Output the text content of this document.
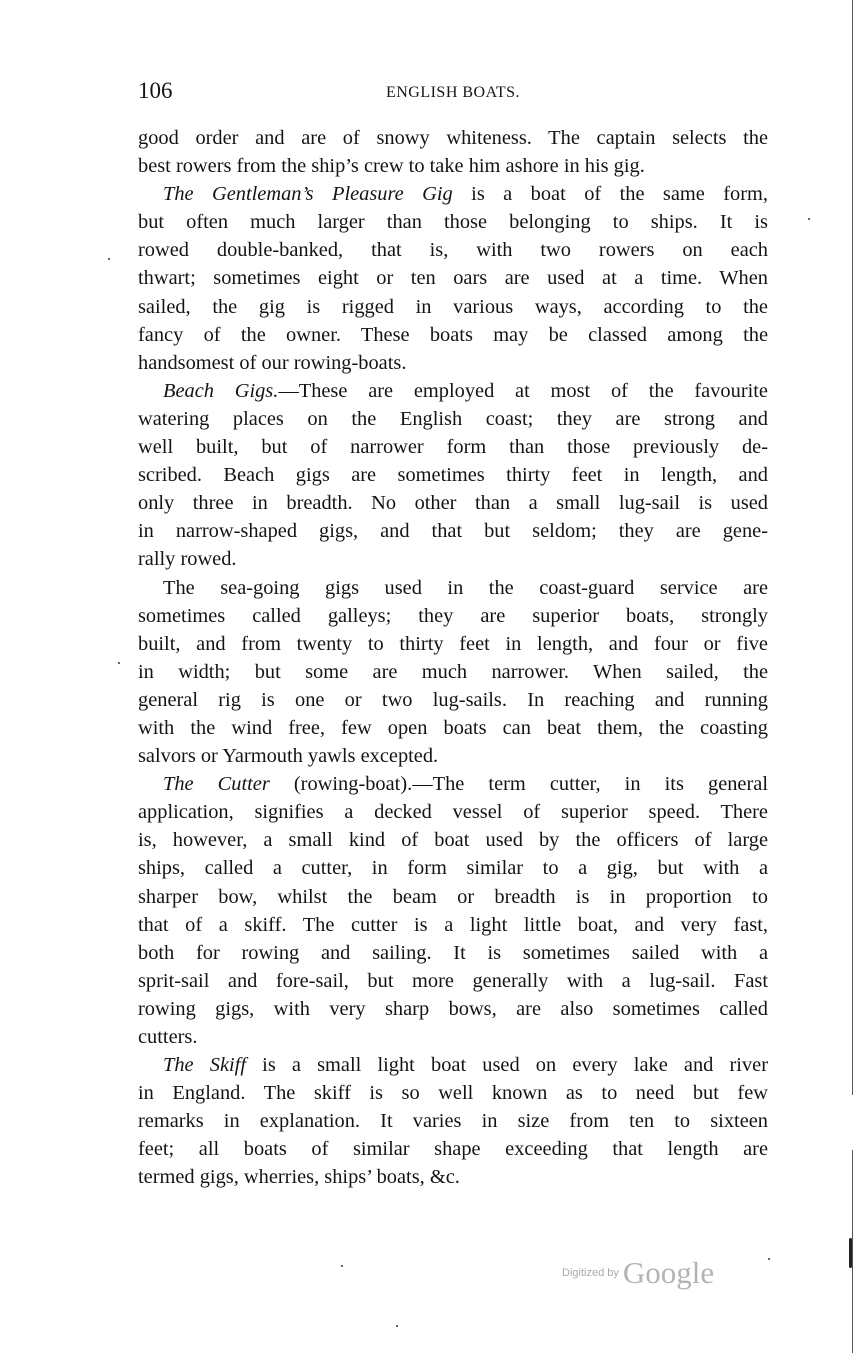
106	ENGLISH BOATS.
good order and are of snowy whiteness. The captain selects the
best rowers from the ship’s crew to take him ashore in his gig.
The Gentleman’s Pleasure Gig is a boat of the same form,
but often much larger than those belonging to ships. It is
rowed double-banked, that is, with two rowers on each
thwart; sometimes eight or ten oars are used at a time. When
sailed, the gig is rigged in various ways, according to the
fancy of the owner. These boats may be classed among the
handsomest of our rowing-boats.
Beach Gigs.—These are employed at most of the favourite
watering places on the English coast; they are strong and
well built, but of narrower form than those previously de-
scribed. Beach gigs are sometimes thirty feet in length, and
only three in breadth. No other than a small lug-sail is used
in narrow-shaped gigs, and that but seldom; they are gene-
rally rowed.
The sea-going gigs used in the coast-guard service are
sometimes called galleys; they are superior boats, strongly
built, and from twenty to thirty feet in length, and four or five
in width; but some are much narrower. When sailed, the
general rig is one or two lug-sails. In reaching and running
with the wind free, few open boats can beat them, the coasting
salvors or Yarmouth yawls excepted.
The Cutter (rowing-boat).—The term cutter, in its general
application, signifies a decked vessel of superior speed. There
is, however, a small kind of boat used by the officers of large
ships, called a cutter, in form similar to a gig, but with a
sharper bow, whilst the beam or breadth is in proportion to
that of a skiff. The cutter is a light little boat, and very fast,
both for rowing and sailing. It is sometimes sailed with a
sprit-sail and fore-sail, but more generally with a lug-sail. Fast
rowing gigs, with very sharp bows, are also sometimes called
cutters.
The Skiff is a small light boat used on every lake and river
in England. The skiff is so well known as to need but few
remarks in explanation. It varies in size from ten to sixteen
feet; all boats of similar shape exceeding that length are
termed gigs, wherries, ships’ boats, &c.
Digitized by Google
